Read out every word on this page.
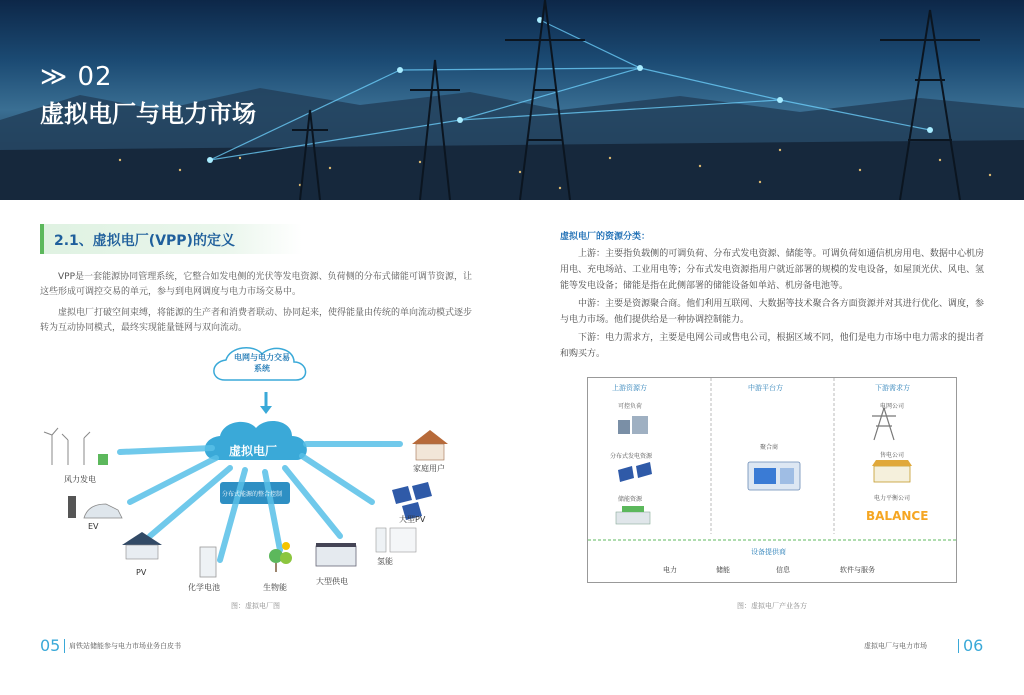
≫ 02
虚拟电厂与电力市场
2.1、虚拟电厂(VPP)的定义
VPP是一套能源协同管理系统，它整合如发电侧的光伏等发电资源、负荷侧的分布式储能可调节资源，让这些形成可调控交易的单元，参与到电网调度与电力市场交易中。
虚拟电厂打破空间束缚，将能源的生产者和消费者联动、协同起来，使得能量由传统的单向流动模式逐步转为互动协同模式，最终实现能量链网与双向流动。
电网与电力交易系统
虚拟电厂
分布式能源的整合控制
风力发电
EV
PV
化学电池	生物能
大型供电
氢能
大型PV
家庭用户
图：虚拟电厂图
虚拟电厂的资源分类：
上游：主要指负载侧的可调负荷、分布式发电资源、储能等。可调负荷如通信机房用电、数据中心机房用电、充电场站、工业用电等；分布式发电资源指用户就近部署的规模的发电设备，如屋顶光伏、风电、氢能等发电设备；储能是指在此侧部署的储能设备如单站、机房备电池等。
中游：主要是资源聚合商。他们利用互联网、大数据等技术聚合各方面资源并对其进行优化、调度，参与电力市场。他们提供给是一种协调控制能力。
下游：电力需求方，主要是电网公司或售电公司，根据区域不同，他们是电力市场中电力需求的提出者和购买方。
上游资源方	中游平台方	下游需求方
可控负荷
分布式发电资源
储能资源
聚合商
电网公司
售电公司
电力平衡公司
BALANCE
设备提供商
电力	储能	信息	软件与服务
图：虚拟电厂产业各方
05 肩铁站储能参与电力市场业务白皮书	虚拟电厂与电力市场 06
